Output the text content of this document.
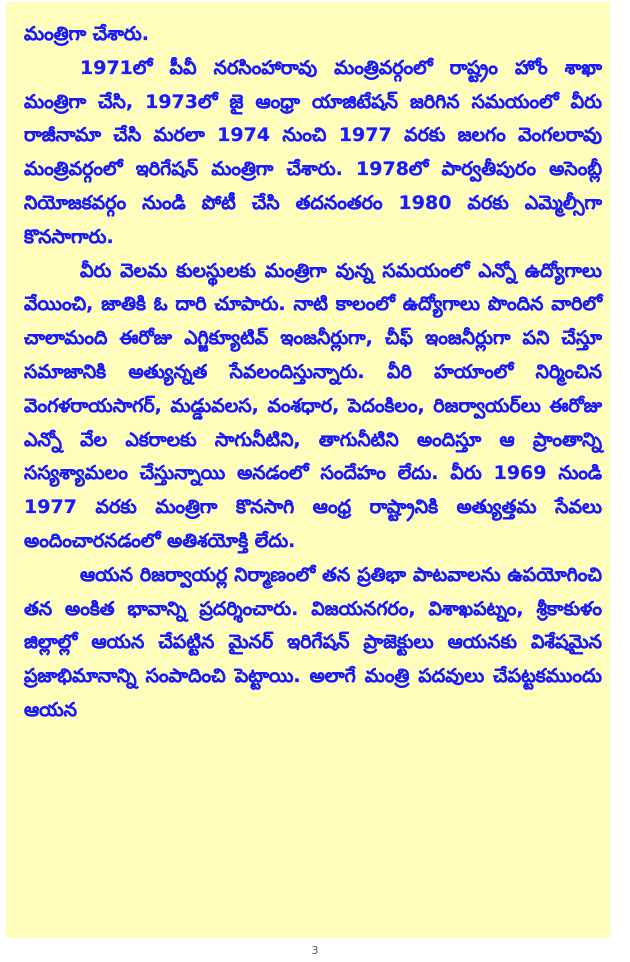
మంత్రిగా చేశారు.

1971లో పీవీ నరసింహారావు మంత్రివర్గంలో రాష్ట్రం హోం శాఖా మంత్రిగా చేసి, 1973లో జై ఆంధ్రా యాజిటేషన్ జరిగిన సమయంలో వీరు రాజీనామా చేసి మరలా 1974 నుంచి 1977 వరకు జలగం వెంగలరావు మంత్రివర్గంలో ఇరిగేషన్ మంత్రిగా చేశారు. 1978లో పార్వతీపురం అసెంబ్లీ నియోజకవర్గం నుండి పోటీ చేసి తదనంతరం 1980 వరకు ఎమ్మెల్సీగా కొనసాగారు.

వీరు వెలమ కులస్థులకు మంత్రిగా వున్న సమయంలో ఎన్నో ఉద్యోగాలు వేయించి, జాతికి ఓ దారి చూపారు. నాటి కాలంలో ఉద్యోగాలు పొందిన వారిలో చాలామంది ఈరోజు ఎగ్జిక్యూటివ్ ఇంజనీర్లుగా, చీఫ్ ఇంజనీర్లుగా పని చేస్తూ సమాజానికి అత్యున్నత సేవలందిస్తున్నారు. వీరి హయాంలో నిర్మించిన వెంగళరాయసాగర్, మడ్డువలస, వంశధార, పెదంకిలం, రిజర్వాయర్‌లు ఈరోజు ఎన్నో వేల ఎకరాలకు సాగునీటిని, తాగునీటిని అందిస్తూ ఆ ప్రాంతాన్ని సస్యశ్యామలం చేస్తున్నాయి అనడంలో సందేహం లేదు. వీరు 1969 నుండి 1977 వరకు మంత్రిగా కొనసాగి ఆంధ్ర రాష్ట్రానికి అత్యుత్తమ సేవలు అందించారనడంలో అతిశయోక్తి లేదు.

ఆయన రిజర్వాయర్ల నిర్మాణంలో తన ప్రతిభా పాటవాలను ఉపయోగించి తన అంకిత భావాన్ని ప్రదర్శించారు. విజయనగరం, విశాఖపట్నం, శ్రీకాకుళం జిల్లాల్లో ఆయన చేపట్టిన మైనర్ ఇరిగేషన్ ప్రాజెక్టులు ఆయనకు విశేషమైన ప్రజాభిమానాన్ని సంపాదించి పెట్టాయి. అలాగే మంత్రి పదవులు చేపట్టకముందు ఆయన

3
